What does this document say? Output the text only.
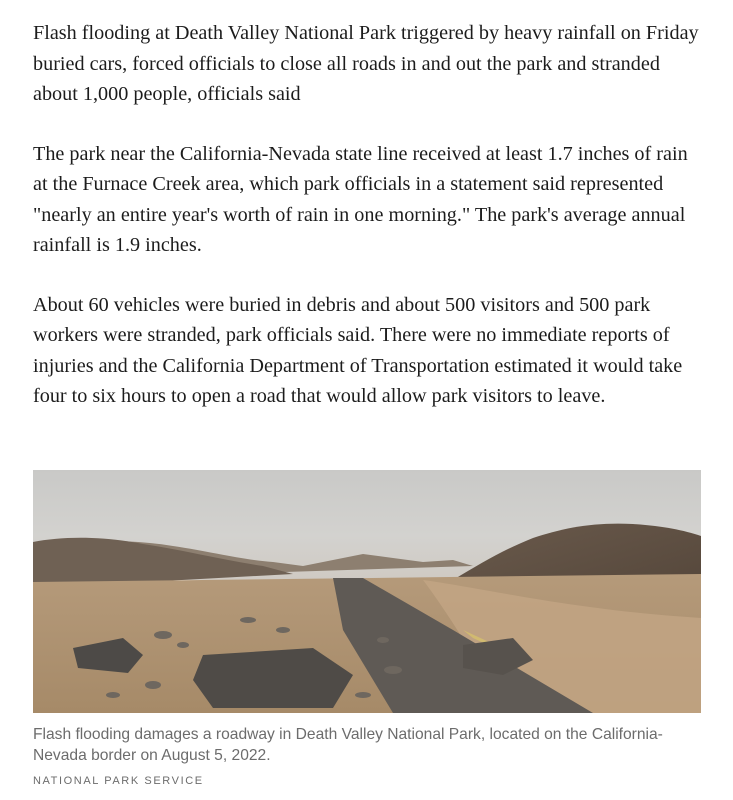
Flash flooding at Death Valley National Park triggered by heavy rainfall on Friday buried cars, forced officials to close all roads in and out the park and stranded about 1,000 people, officials said

The park near the California-Nevada state line received at least 1.7 inches of rain at the Furnace Creek area, which park officials in a statement said represented "nearly an entire year's worth of rain in one morning." The park's average annual rainfall is 1.9 inches.

About 60 vehicles were buried in debris and about 500 visitors and 500 park workers were stranded, park officials said. There were no immediate reports of injuries and the California Department of Transportation estimated it would take four to six hours to open a road that would allow park visitors to leave.

Flash flooding damages a roadway in Death Valley National Park, located on the California-Nevada border on August 5, 2022.

NATIONAL PARK SERVICE
